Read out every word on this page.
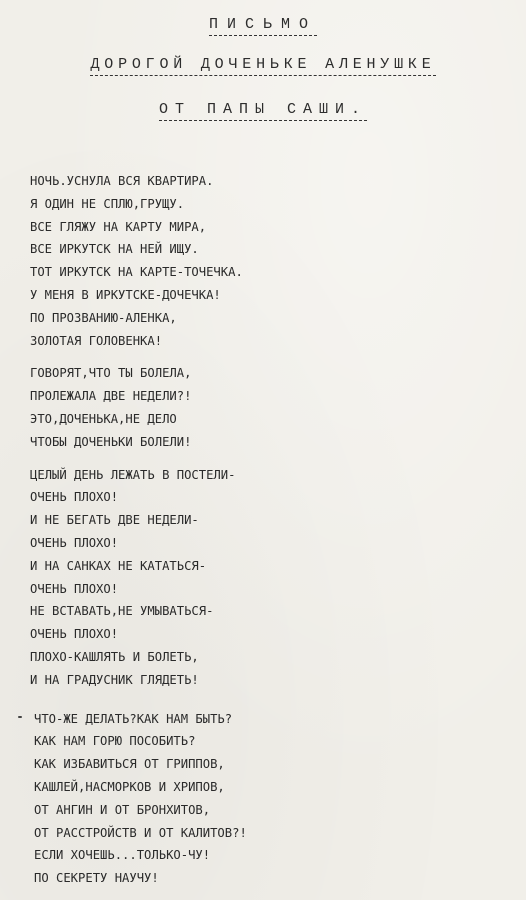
ПИСЬМО
ДОРОГОЙ ДОЧЕНЬКЕ АЛЕНУШКЕ
ОТ ПАПЫ САШИ.
НОЧЬ.УСНУЛА ВСЯ КВАРТИРА.
Я ОДИН НЕ СПЛЮ,ГРУЩУ.
ВСЕ ГЛЯЖУ НА КАРТУ МИРА,
ВСЕ ИРКУТСК НА НЕЙ ИЩУ.
ТОТ ИРКУТСК НА КАРТЕ-ТОЧЕЧКА.
У МЕНЯ В ИРКУТСКЕ-ДОЧЕЧКА!
ПО ПРОЗВАНИЮ-АЛЕНКА,
ЗОЛОТАЯ ГОЛОВЕНКА!
ГОВОРЯТ,ЧТО ТЫ БОЛЕЛА,
ПРОЛЕЖАЛА ДВЕ НЕДЕЛИ?!
ЭТО,ДОЧЕНЬКА,НЕ ДЕЛО
ЧТОБЫ ДОЧЕНЬКИ БОЛЕЛИ!
ЦЕЛЫЙ ДЕНЬ ЛЕЖАТЬ В ПОСТЕЛИ-
ОЧЕНЬ ПЛОХО!
И НЕ БЕГАТЬ ДВЕ НЕДЕЛИ-
ОЧЕНЬ ПЛОХО!
И НА САНКАХ НЕ КАТАТЬСЯ-
ОЧЕНЬ ПЛОХО!
НЕ ВСТАВАТЬ,НЕ УМЫВАТЬСЯ-
ОЧЕНЬ ПЛОХО!
ПЛОХО-КАШЛЯТЬ И БОЛЕТЬ,
И НА ГРАДУСНИК ГЛЯДЕТЬ!
ЧТО-ЖЕ ДЕЛАТЬ?КАК НАМ БЫТЬ?
КАК НАМ ГОРЮ ПОСОБИТЬ?
КАК ИЗБАВИТЬСЯ ОТ ГРИППОВ,
КАШЛЕЙ,НАСМОРКОВ И ХРИПОВ,
ОТ АНГИН И ОТ БРОНХИТОВ,
ОТ РАССТРОЙСТВ И ОТ КАЛИТОВ?!
ЕСЛИ ХОЧЕШЬ...ТОЛЬКО-ЧУ!
ПО СЕКРЕТУ НАУЧУ!
